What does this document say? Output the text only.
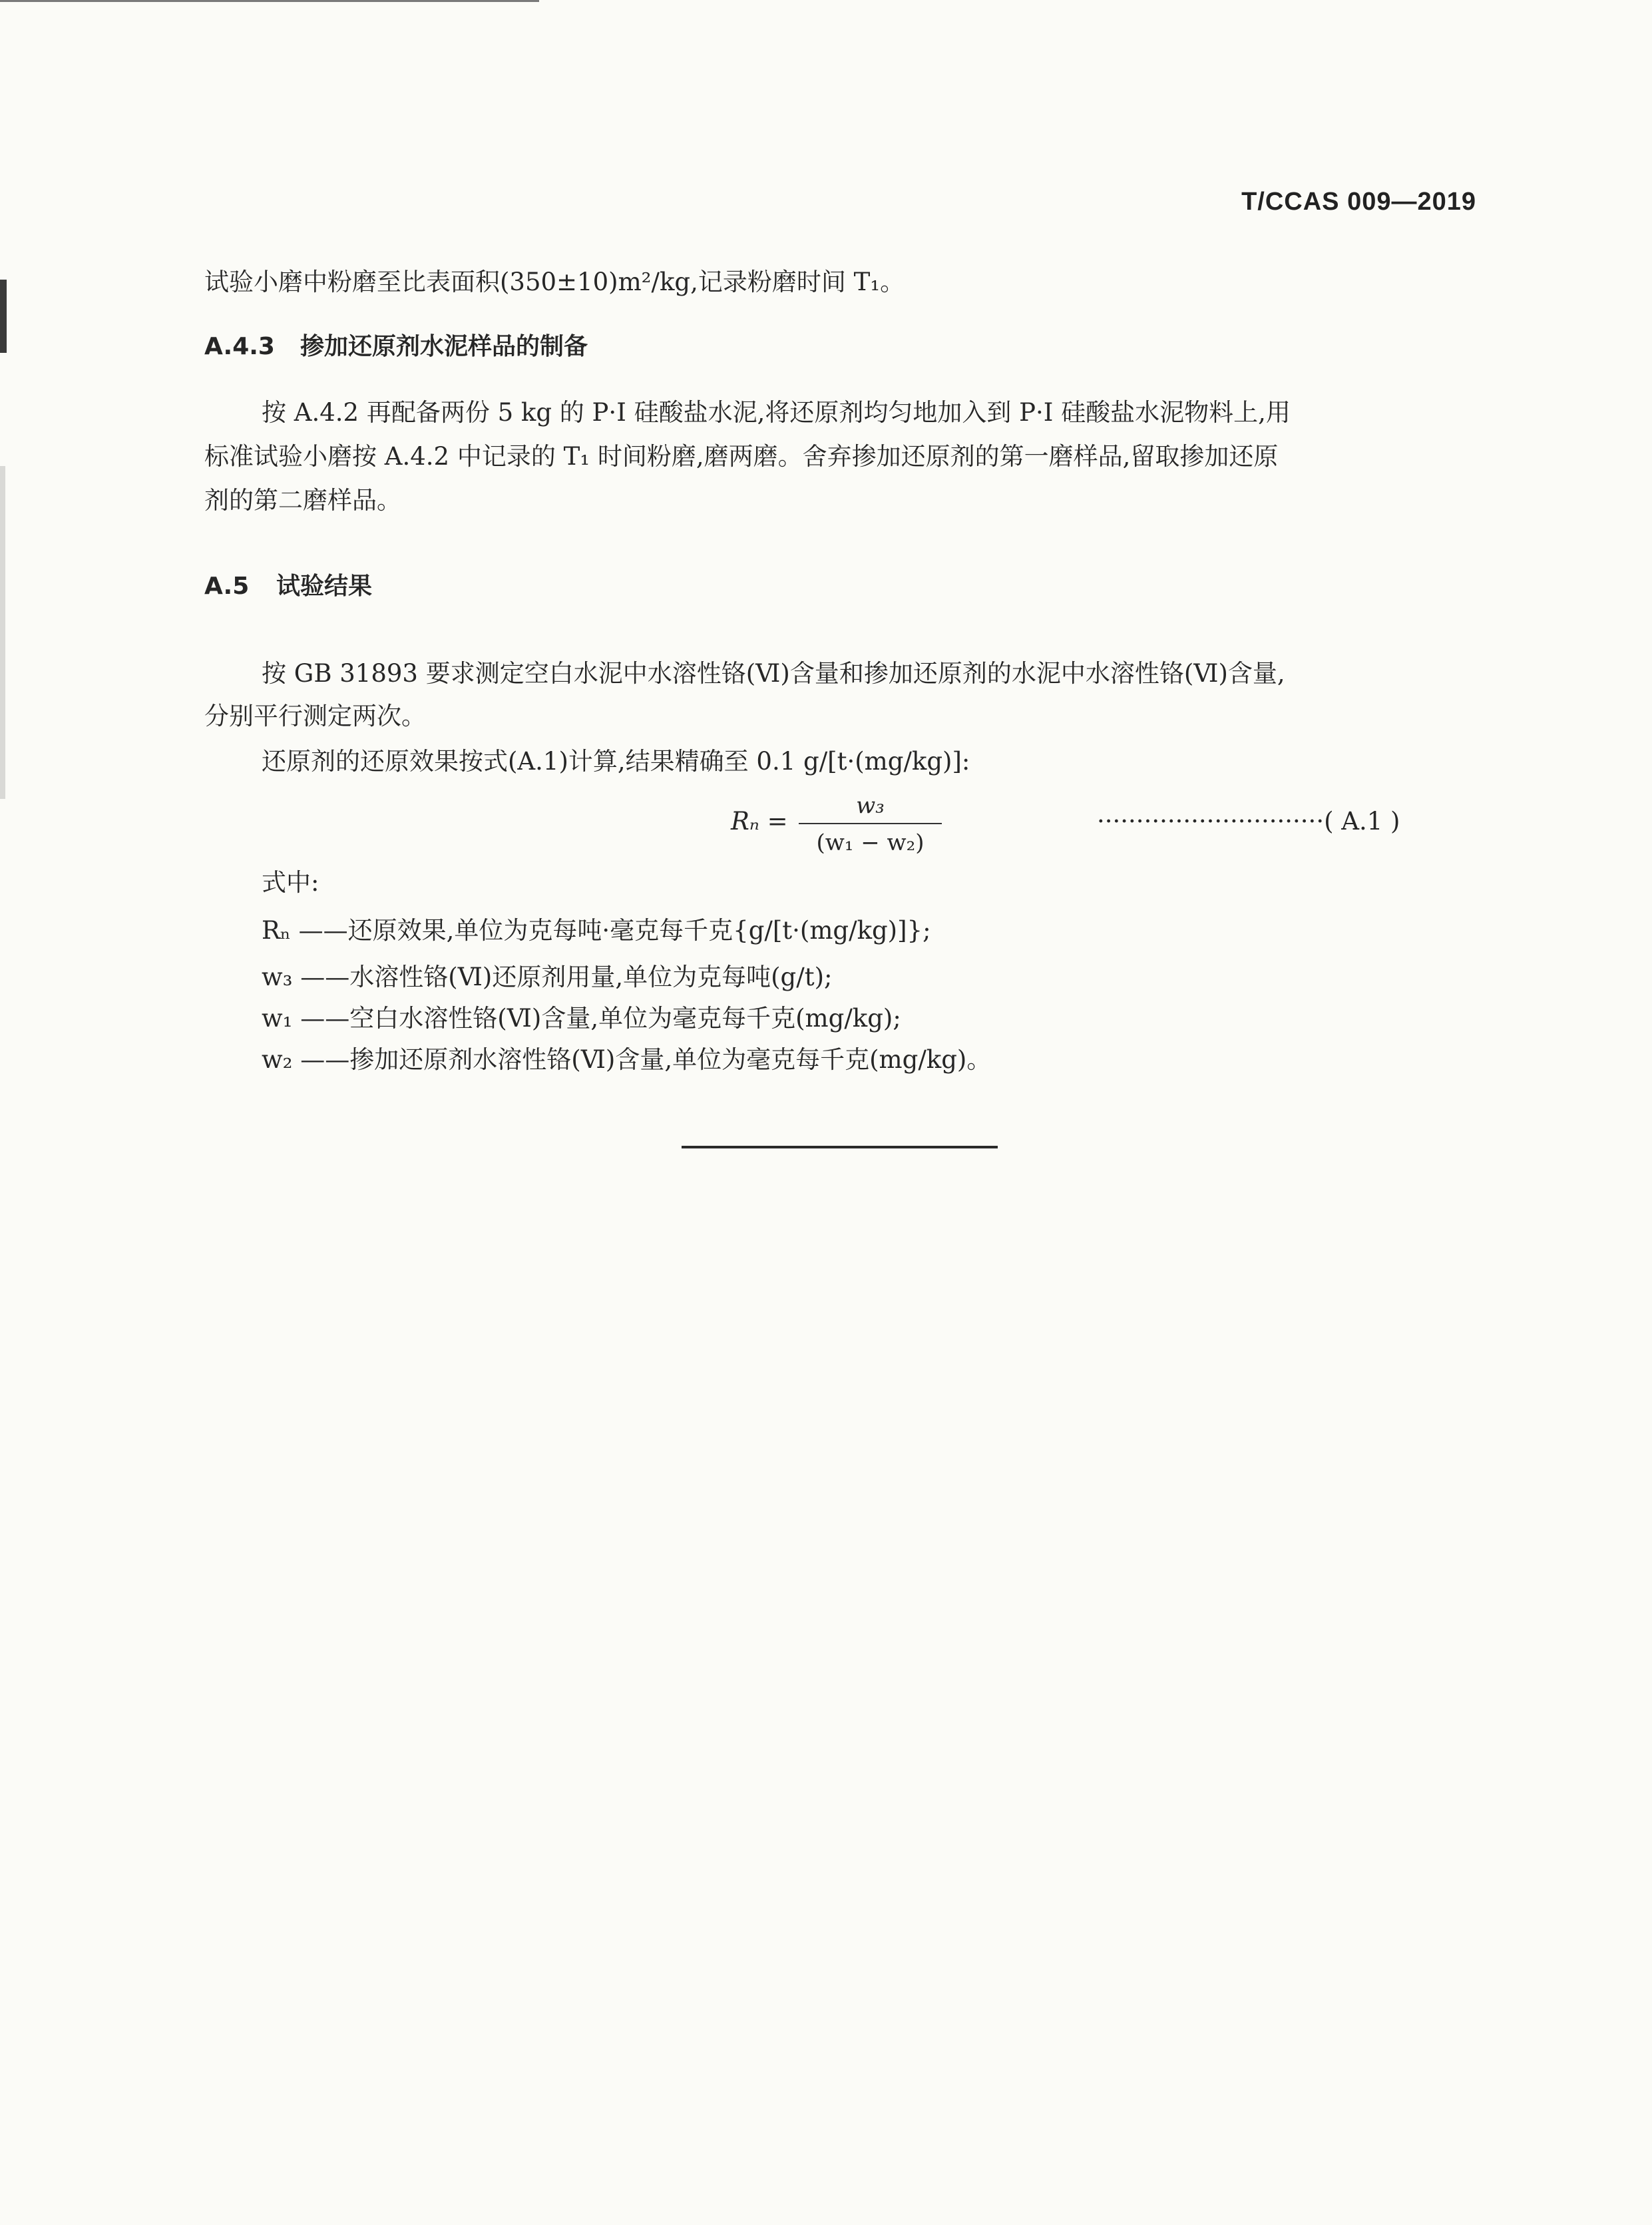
T/CCAS 009—2019
试验小磨中粉磨至比表面积(350±10)m²/kg,记录粉磨时间 T₁。
A.4.3 掺加还原剂水泥样品的制备
按 A.4.2 再配备两份 5 kg 的 P·I 硅酸盐水泥,将还原剂均匀地加入到 P·I 硅酸盐水泥物料上,用
标准试验小磨按 A.4.2 中记录的 T₁ 时间粉磨,磨两磨。舍弃掺加还原剂的第一磨样品,留取掺加还原
剂的第二磨样品。
A.5 试验结果
按 GB 31893 要求测定空白水泥中水溶性铬(Ⅵ)含量和掺加还原剂的水泥中水溶性铬(Ⅵ)含量,
分别平行测定两次。
还原剂的还原效果按式(A.1)计算,结果精确至 0.1 g/[t·(mg/kg)]:
Rₙ =
w₃
(w₁ − w₂)
·····························( A.1 )
式中:
Rₙ ——还原效果,单位为克每吨·毫克每千克{g/[t·(mg/kg)]};
w₃ ——水溶性铬(Ⅵ)还原剂用量,单位为克每吨(g/t);
w₁ ——空白水溶性铬(Ⅵ)含量,单位为毫克每千克(mg/kg);
w₂ ——掺加还原剂水溶性铬(Ⅵ)含量,单位为毫克每千克(mg/kg)。
